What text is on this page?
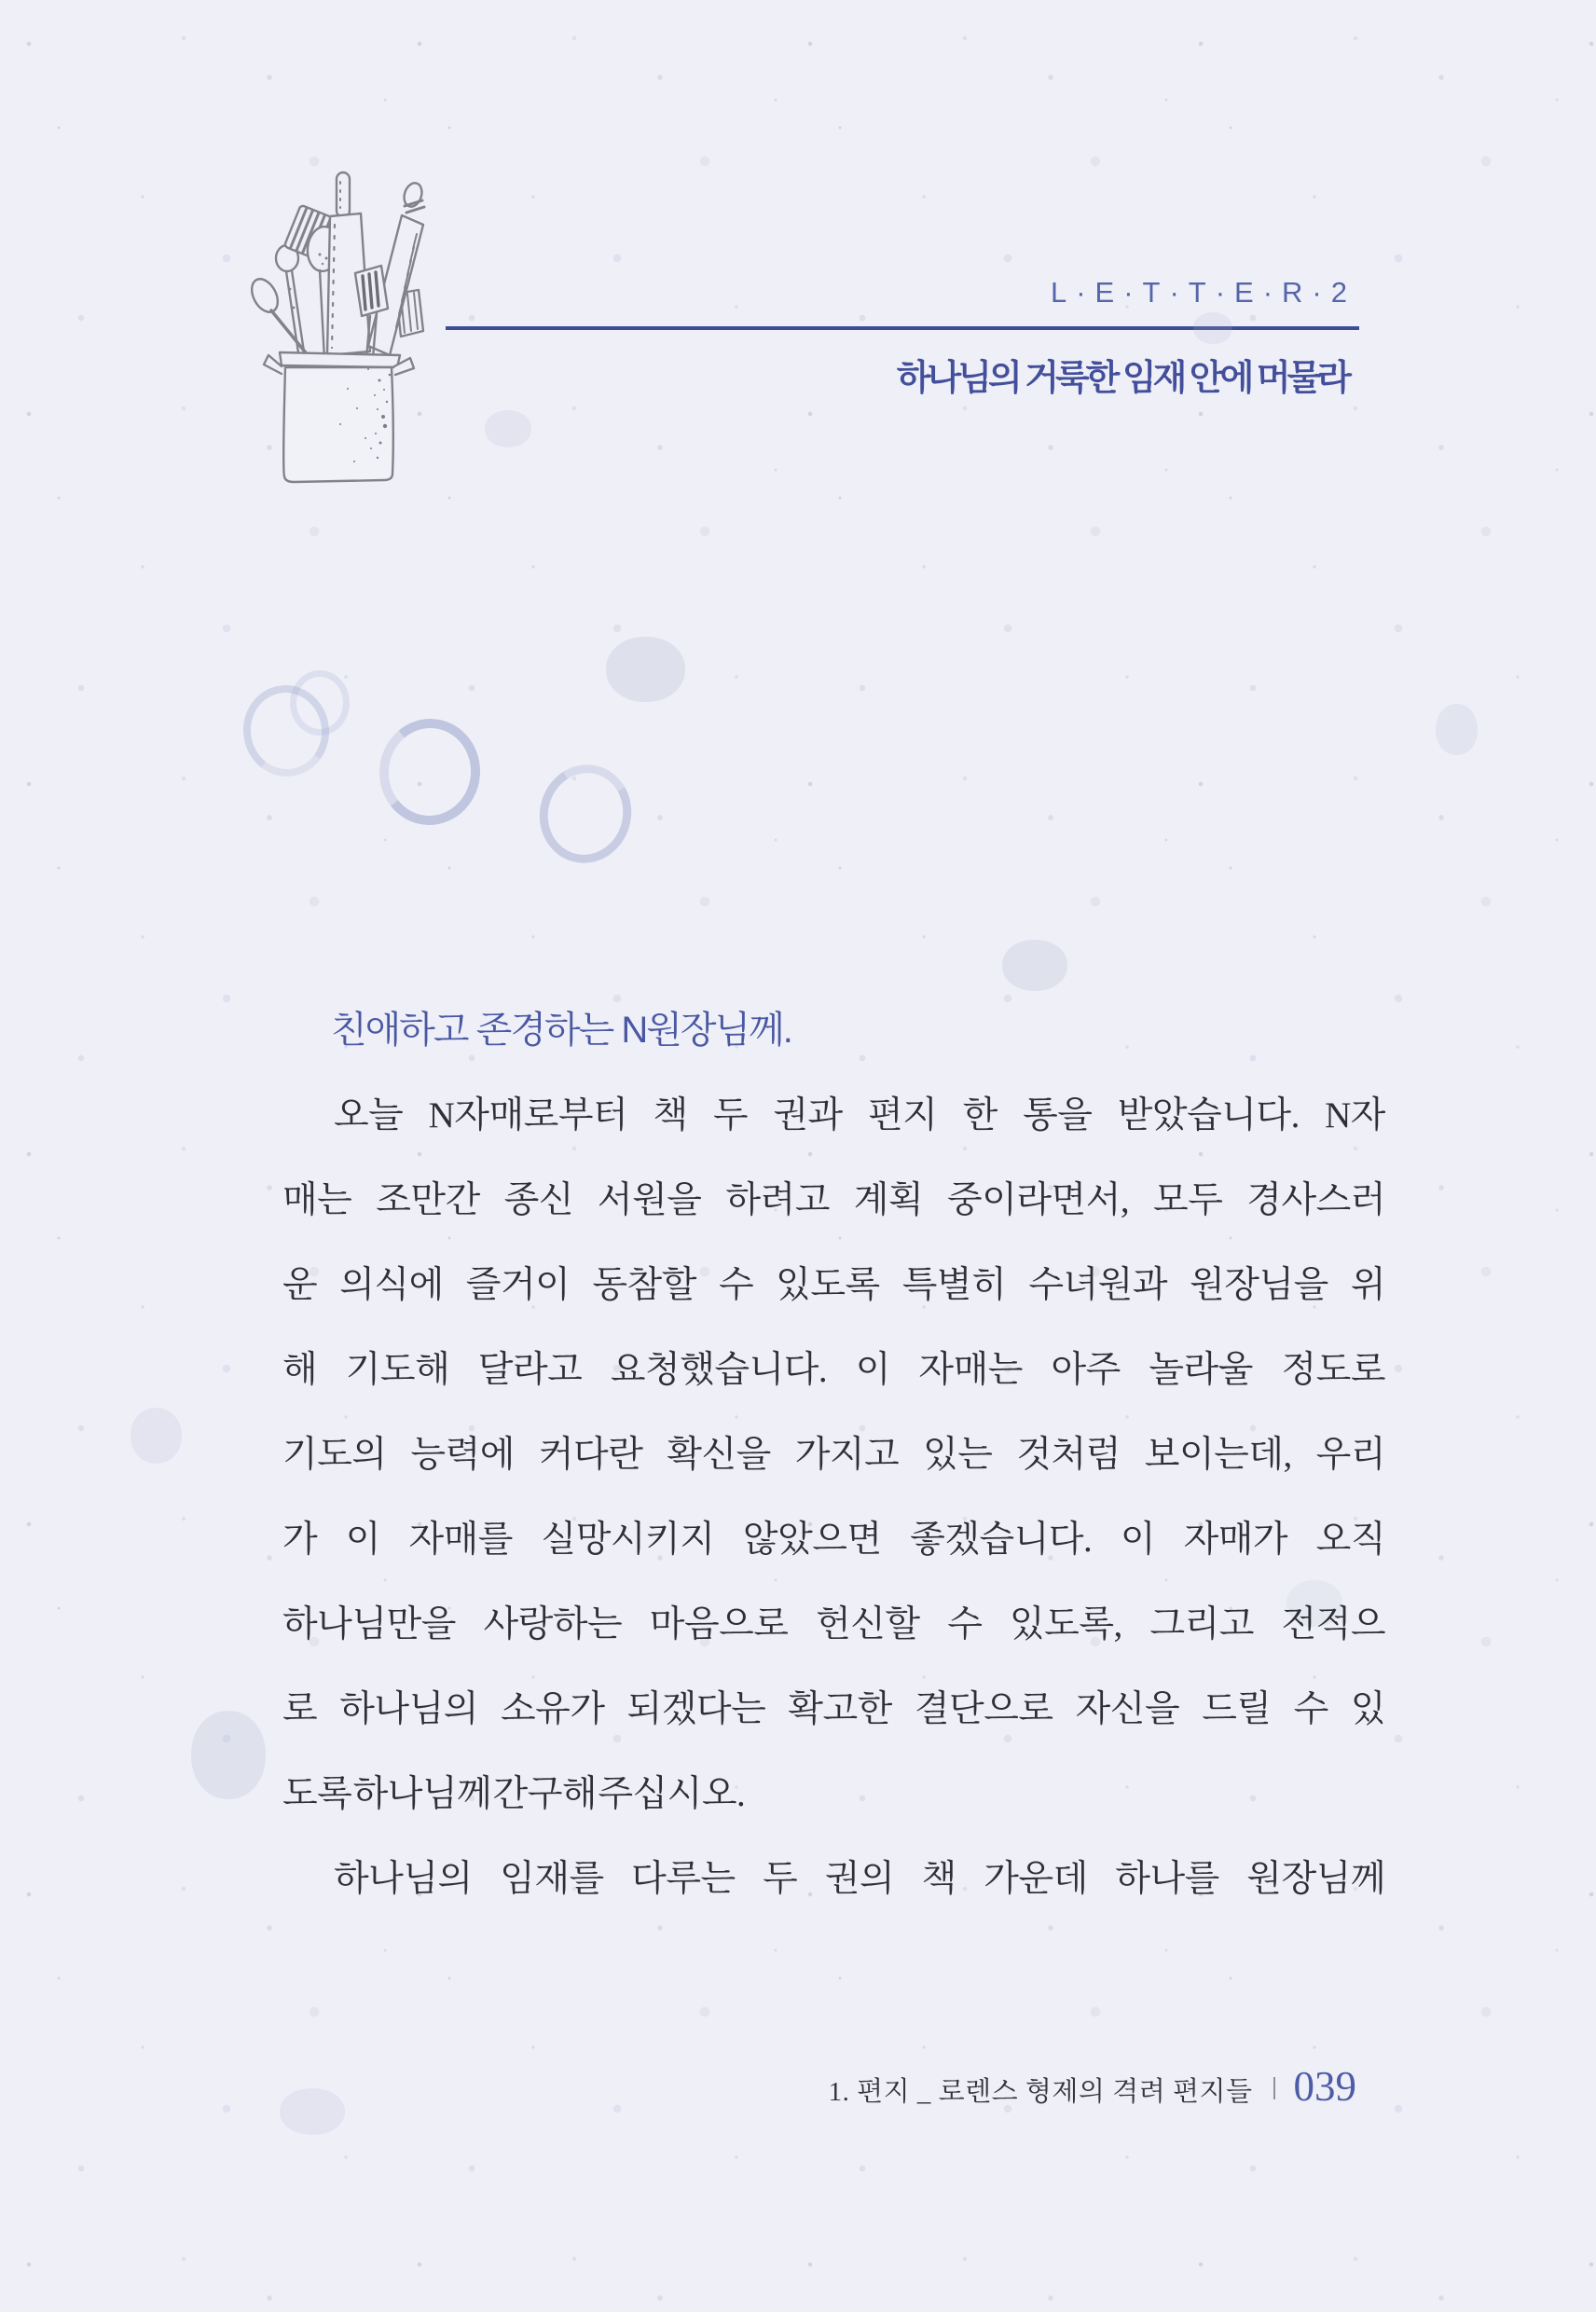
L·E·T·T·E·R·2
하나님의 거룩한 임재 안에 머물라
친애하고 존경하는 N원장님께.
오늘 N자매로부터 책 두 권과 편지 한 통을 받았습니다. N자
매는 조만간 종신 서원을 하려고 계획 중이라면서, 모두 경사스러
운 의식에 즐거이 동참할 수 있도록 특별히 수녀원과 원장님을 위
해 기도해 달라고 요청했습니다. 이 자매는 아주 놀라울 정도로
기도의 능력에 커다란 확신을 가지고 있는 것처럼 보이는데, 우리
가 이 자매를 실망시키지 않았으면 좋겠습니다. 이 자매가 오직
하나님만을 사랑하는 마음으로 헌신할 수 있도록, 그리고 전적으
로 하나님의 소유가 되겠다는 확고한 결단으로 자신을 드릴 수 있
도록 하나님께 간구해 주십시오.
하나님의 임재를 다루는 두 권의 책 가운데 하나를 원장님께
1. 편지 _ 로렌스 형제의 격려 편지들 039
